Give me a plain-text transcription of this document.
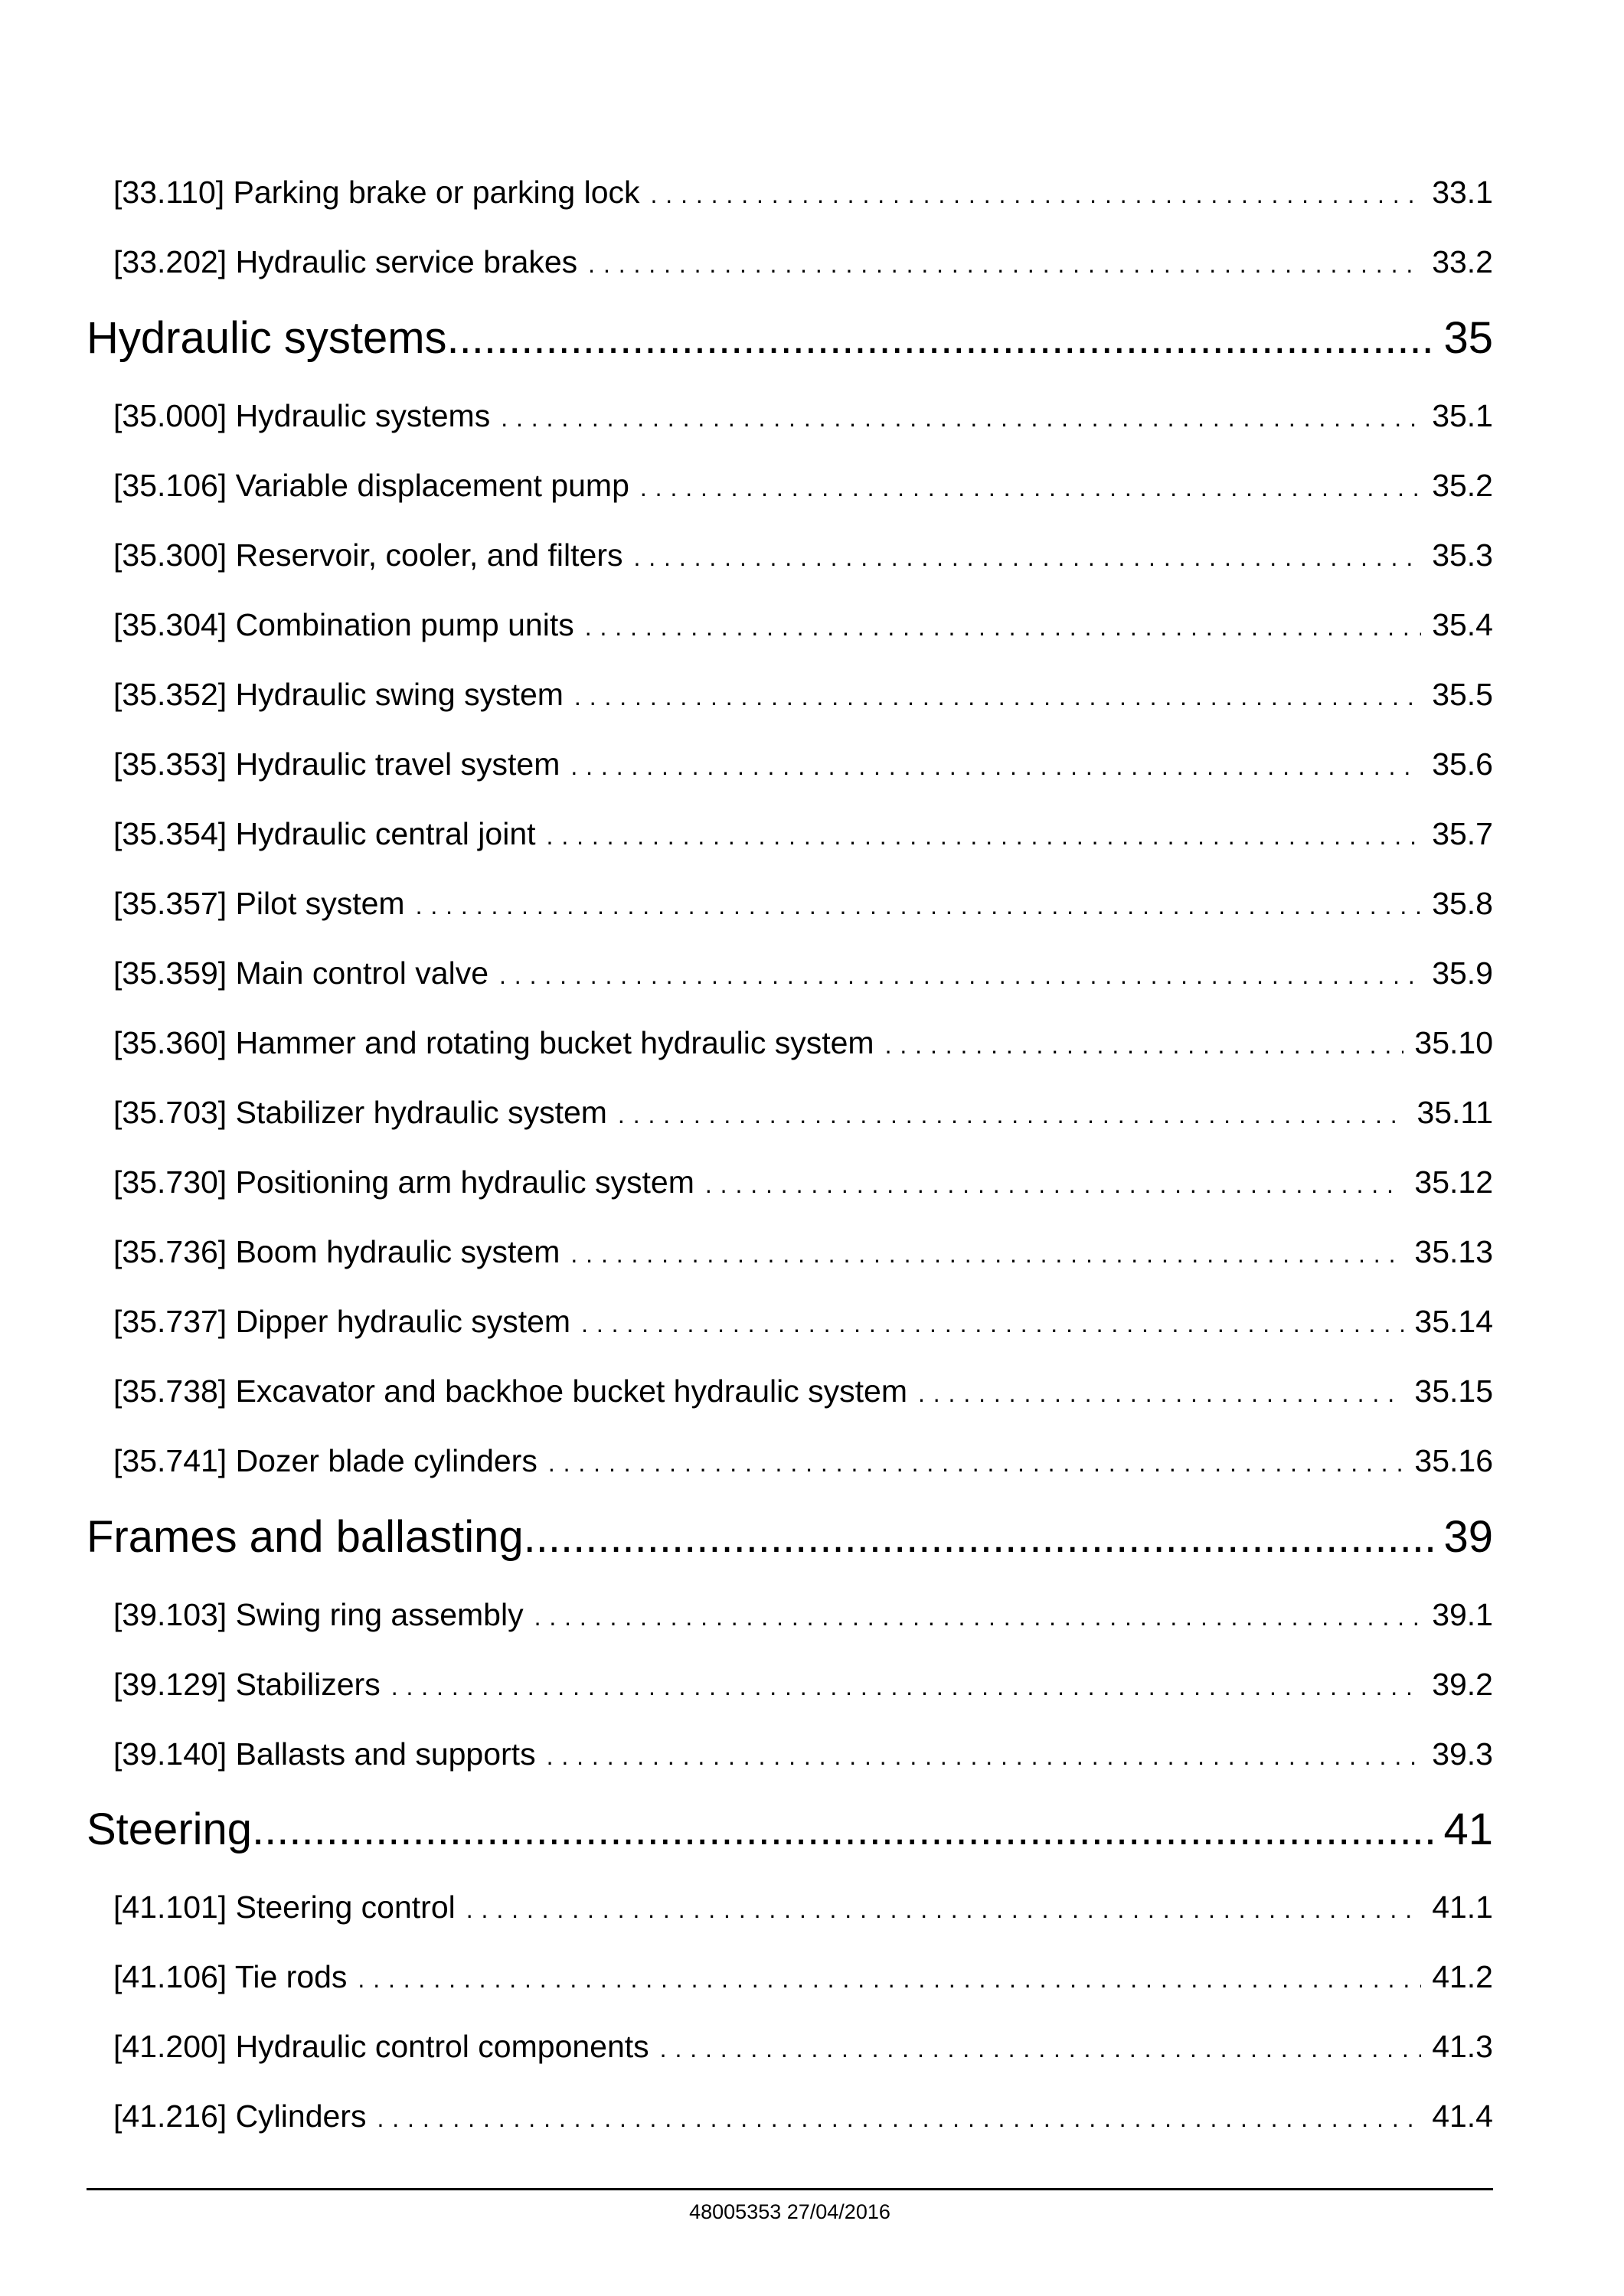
[33.110] Parking brake or parking lock . . .	33.1
[33.202] Hydraulic service brakes . . .	33.2
Hydraulic systems .....	35
[35.000] Hydraulic systems . . .	35.1
[35.106] Variable displacement pump . . .	35.2
[35.300] Reservoir, cooler, and filters . . .	35.3
[35.304] Combination pump units . . .	35.4
[35.352] Hydraulic swing system . . .	35.5
[35.353] Hydraulic travel system . . .	35.6
[35.354] Hydraulic central joint . . .	35.7
[35.357] Pilot system . . .	35.8
[35.359] Main control valve . . .	35.9
[35.360] Hammer and rotating bucket hydraulic system . . .	35.10
[35.703] Stabilizer hydraulic system . . .	35.11
[35.730] Positioning arm hydraulic system . . .	35.12
[35.736] Boom hydraulic system . . .	35.13
[35.737] Dipper hydraulic system . . .	35.14
[35.738] Excavator and backhoe bucket hydraulic system . . .	35.15
[35.741] Dozer blade cylinders . . .	35.16
Frames and ballasting .....	39
[39.103] Swing ring assembly . . .	39.1
[39.129] Stabilizers . . .	39.2
[39.140] Ballasts and supports . . .	39.3
Steering .....	41
[41.101] Steering control . . .	41.1
[41.106] Tie rods . . .	41.2
[41.200] Hydraulic control components . . .	41.3
[41.216] Cylinders . . .	41.4
48005353 27/04/2016
